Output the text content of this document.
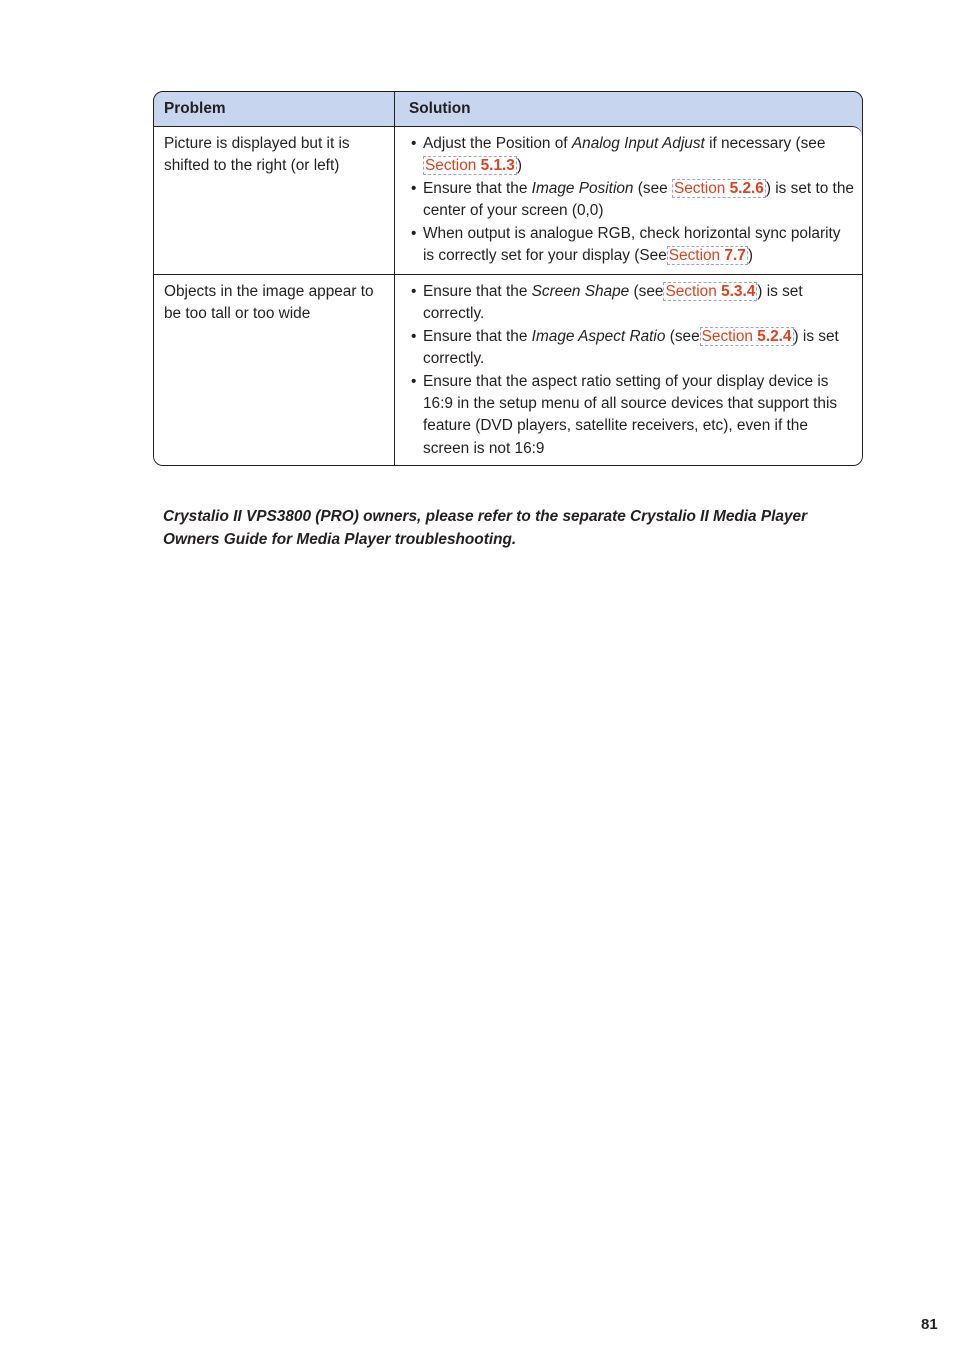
Problem	Solution
Picture is displayed but it is shifted to the right (or left)
• Adjust the Position of Analog Input Adjust if necessary (see Section 5.1.3 )
• Ensure that the Image Position (see Section 5.2.6 ) is set to the center of your screen (0,0)
• When output is analogue RGB, check horizontal sync polarity is correctly set for your display (See Section 7.7 )
Objects in the image appear to be too tall or too wide
• Ensure that the Screen Shape (see Section 5.3.4 ) is set correctly.
• Ensure that the Image Aspect Ratio (see Section 5.2.4 ) is set correctly.
• Ensure that the aspect ratio setting of your display device is 16:9 in the setup menu of all source devices that support this feature (DVD players, satellite receivers, etc), even if the screen is not 16:9
Crystalio II VPS3800 (PRO) owners, please refer to the separate Crystalio II Media Player Owners Guide for Media Player troubleshooting.
81
